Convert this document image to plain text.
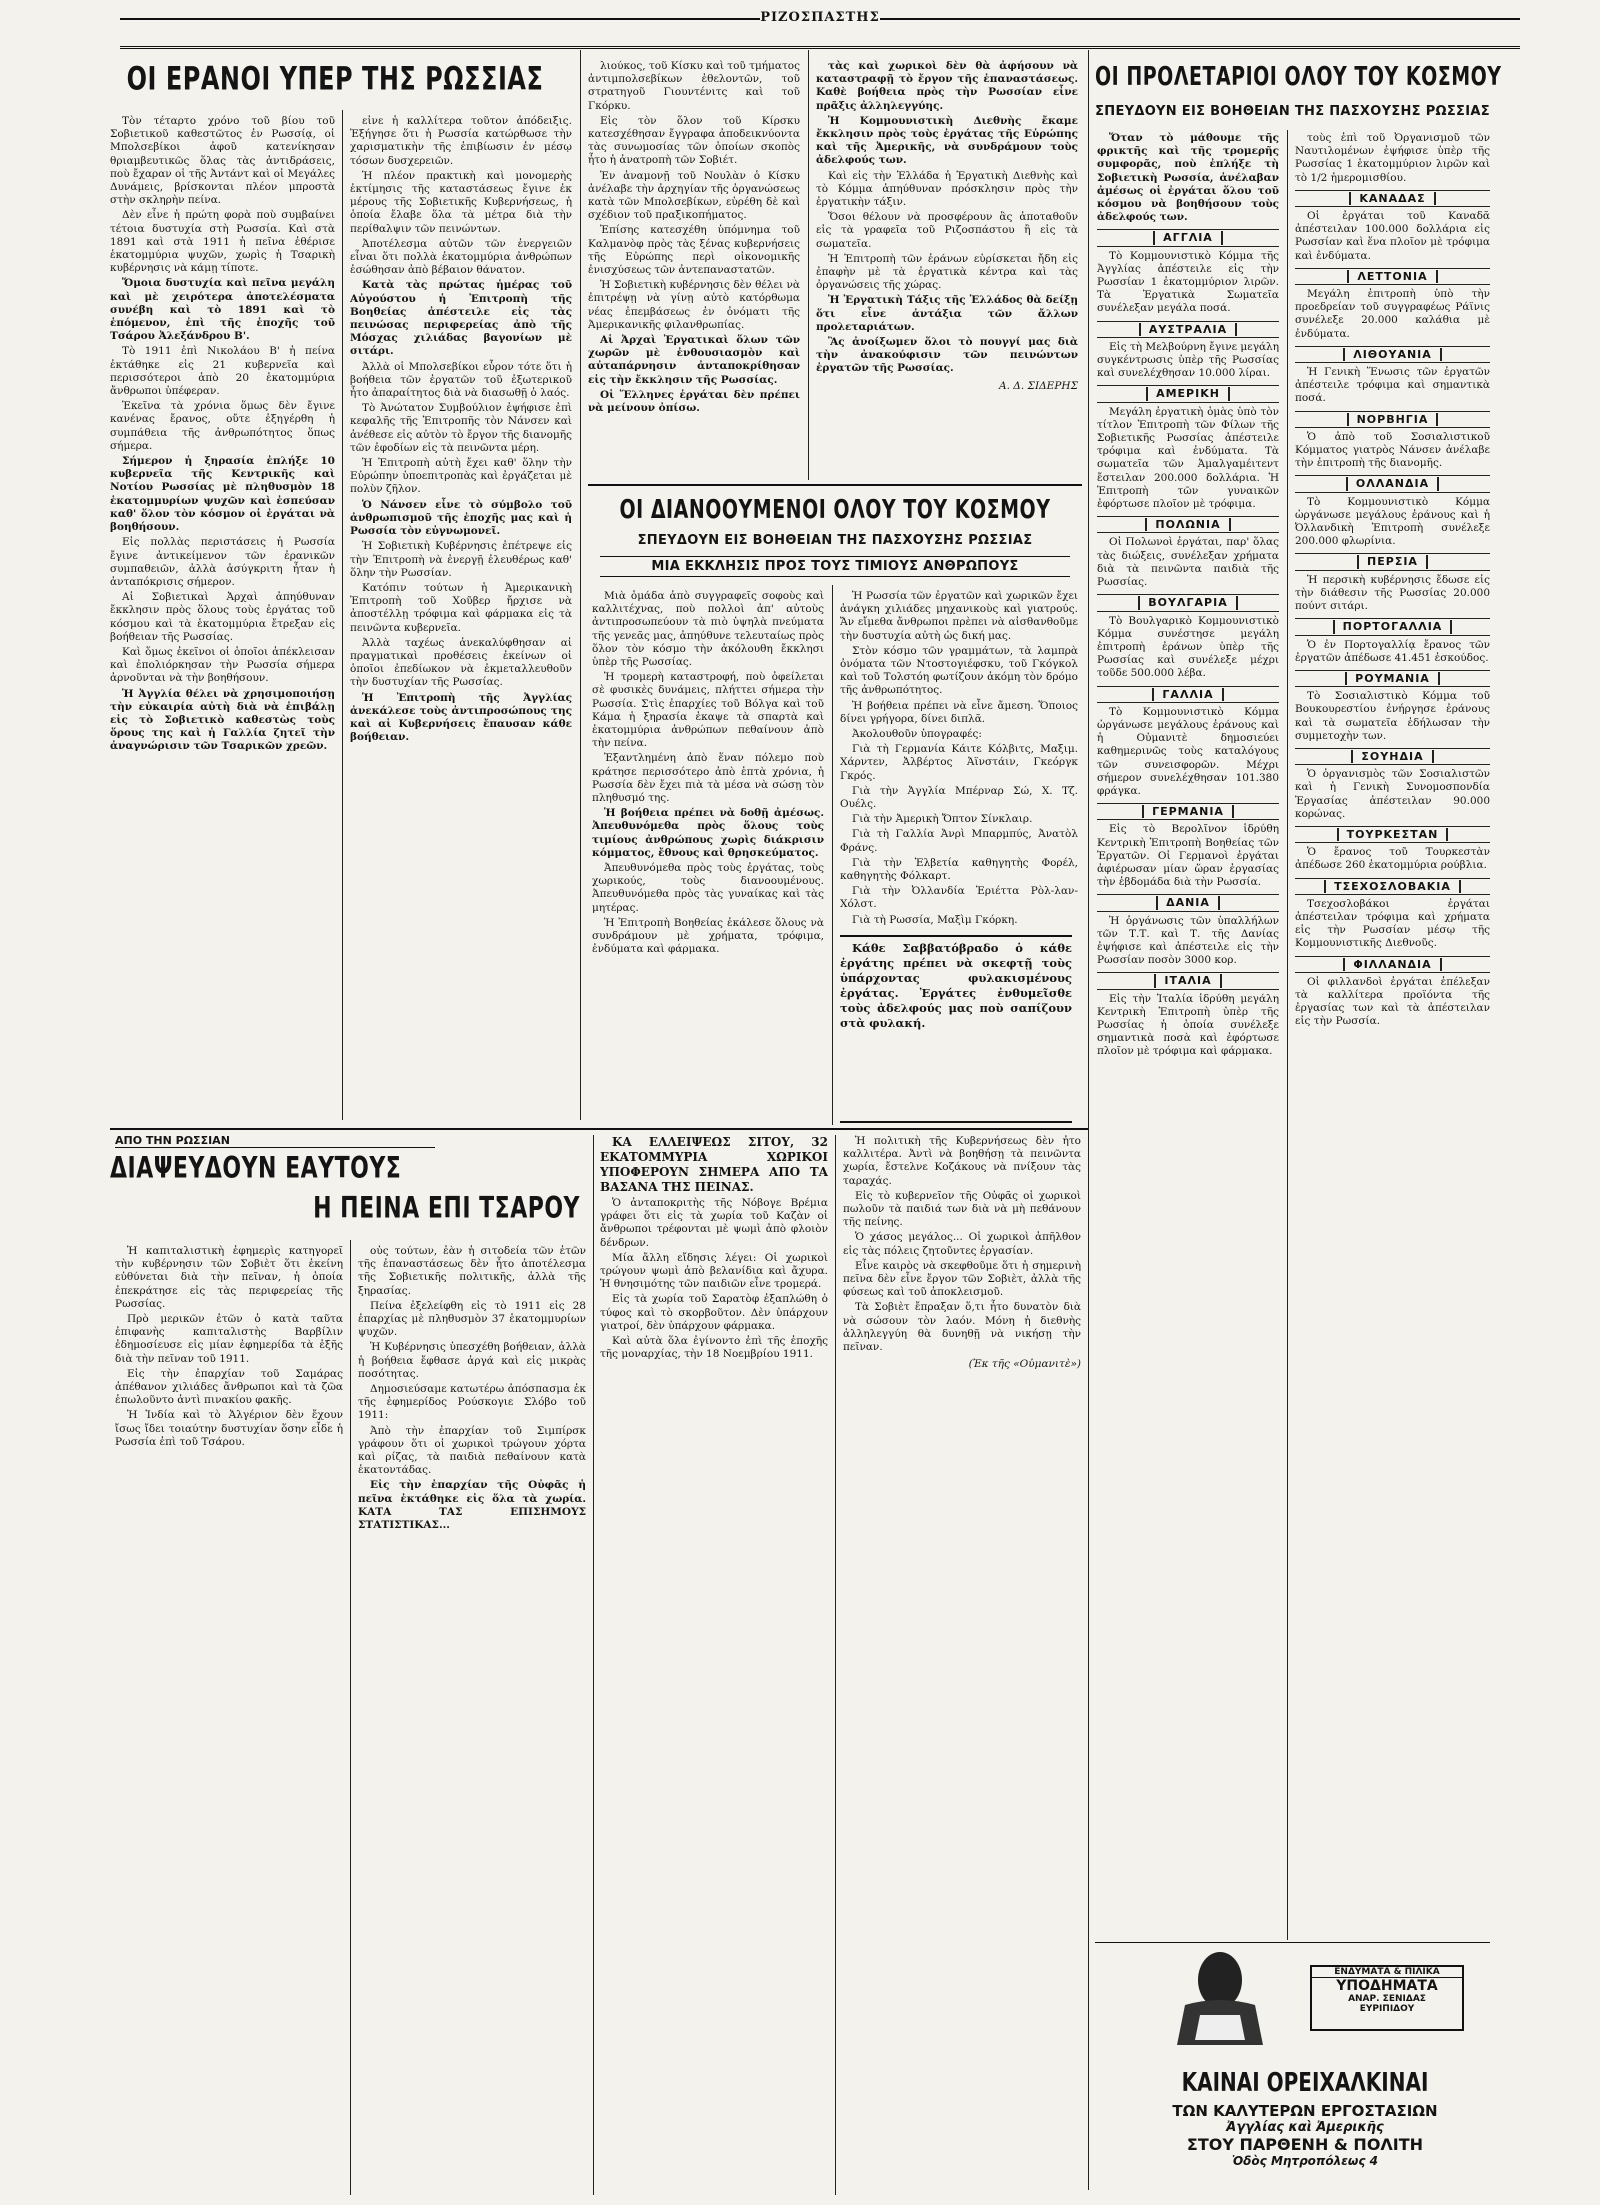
ΡΙΖΟΣΠΑΣΤΗΣ
ΟΙ ΕΡΑΝΟΙ ΥΠΕΡ ΤΗΣ ΡΩΣΣΙΑΣ

Τὸν τέταρτο χρόνο τοῦ βίου τοῦ Σοβιετικοῦ καθεστῶτος ἐν Ρωσσίᾳ, οἱ Μπολσεβίκοι ἀφοῦ κατενίκησαν θριαμβευτικῶς ὅλας τὰς ἀντιδράσεις, ποὺ ἔχαραν οἱ τῆς Ἀντάντ καὶ οἱ Μεγάλες Δυνάμεις, βρίσκονται πλέον μπροστὰ στὴν σκληρὴν πείνα.

Δὲν εἶνε ἡ πρώτη φορὰ ποὺ συμβαίνει τέτοια δυστυχία στὴ Ρωσσία. Καὶ στὰ 1891 καὶ στὰ 1911 ἡ πεῖνα ἐθέρισε ἑκατομμύρια ψυχῶν, χωρὶς ἡ Τσαρικὴ κυβέρνησις νὰ κάμῃ τίποτε.

Ὅμοια δυστυχία καὶ πεῖνα μεγάλη καὶ μὲ χειρότερα ἀποτελέσματα συνέβη καὶ τὸ 1891 καὶ τὸ ἑπόμενον, ἐπὶ τῆς ἐποχῆς τοῦ Τσάρου Ἀλεξάνδρου Β'.

Τὸ 1911 ἐπὶ Νικολάου Β' ἡ πείνα ἐκτάθηκε εἰς 21 κυβερνεῖα καὶ περισσότεροι ἀπὸ 20 ἑκατομμύρια ἄνθρωποι ὑπέφεραν.

Ἐκεῖνα τὰ χρόνια ὅμως δὲν ἔγινε κανένας ἔρανος, οὔτε ἐξηγέρθη ἡ συμπάθεια τῆς ἀνθρωπότητος ὅπως σήμερα.

Σήμερον ἡ ξηρασία ἐπλήξε 10 κυβερνεῖα τῆς Κεντρικῆς καὶ Νοτίου Ρωσσίας μὲ πληθυσμὸν 18 ἑκατομμυρίων ψυχῶν καὶ ἐσπεύσαν καθ' ὅλον τὸν κόσμον οἱ ἐργάται νὰ βοηθήσουν.

Εἰς πολλὰς περιστάσεις ἡ Ρωσσία ἔγινε ἀντικείμενον τῶν ἐρανικῶν συμπαθειῶν, ἀλλὰ ἀσύγκριτη ἦταν ἡ ἀνταπόκρισις σήμερον.

Αἱ Σοβιετικαὶ Ἀρχαὶ ἀπηύθυναν ἔκκλησιν πρὸς ὅλους τοὺς ἐργάτας τοῦ κόσμου καὶ τὰ ἑκατομμύρια ἔτρεξαν εἰς βοήθειαν τῆς Ρωσσίας.

Καὶ ὅμως ἐκεῖνοι οἱ ὁποῖοι ἀπέκλεισαν καὶ ἐπολιόρκησαν τὴν Ρωσσία σήμερα ἀρνοῦνται νὰ τὴν βοηθήσουν.

Ἡ Ἀγγλία θέλει νὰ χρησιμοποιήσῃ τὴν εὐκαιρία αὐτὴ διὰ νὰ ἐπιβάλῃ εἰς τὸ Σοβιετικὸ καθεστὼς τοὺς ὅρους της καὶ ἡ Γαλλία ζητεῖ τὴν ἀναγνώρισιν τῶν Τσαρικῶν χρεῶν.

εἶνε ἡ καλλίτερα τοῦτον ἀπόδειξις. Ἐξήγησε ὅτι ἡ Ρωσσία κατώρθωσε τὴν χαρισματικὴν τῆς ἐπιβίωσιν ἐν μέσῳ τόσων δυσχερειῶν.

Ἡ πλέον πρακτικὴ καὶ μονομερὴς ἐκτίμησις τῆς καταστάσεως ἔγινε ἐκ μέρους τῆς Σοβιετικῆς Κυβερνήσεως, ἡ ὁποία ἔλαβε ὅλα τὰ μέτρα διὰ τὴν περίθαλψιν τῶν πεινώντων.

Ἀποτέλεσμα αὐτῶν τῶν ἐνεργειῶν εἶναι ὅτι πολλὰ ἑκατομμύρια ἀνθρώπων ἐσώθησαν ἀπὸ βέβαιον θάνατον.

Κατὰ τὰς πρώτας ἡμέρας τοῦ Αὐγούστου ἡ Ἐπιτροπὴ τῆς Βοηθείας ἀπέστειλε εἰς τὰς πεινώσας περιφερείας ἀπὸ τῆς Μόσχας χιλιάδας βαγονίων μὲ σιτάρι.

Ἀλλὰ οἱ Μπολσεβίκοι εὗρον τότε ὅτι ἡ βοήθεια τῶν ἐργατῶν τοῦ ἐξωτερικοῦ ἦτο ἀπαραίτητος διὰ νὰ διασωθῇ ὁ λαός.

Τὸ Ἀνώτατον Συμβούλιον ἐψήφισε ἐπὶ κεφαλῆς τῆς Ἐπιτροπῆς τὸν Νάνσεν καὶ ἀνέθεσε εἰς αὐτὸν τὸ ἔργον τῆς διανομῆς τῶν ἐφοδίων εἰς τὰ πεινῶντα μέρη.

Ἡ Ἐπιτροπὴ αὐτὴ ἔχει καθ' ὅλην τὴν Εὐρώπην ὑποεπιτροπὰς καὶ ἐργάζεται μὲ πολὺν ζῆλον.

Ὁ Νάνσεν εἶνε τὸ σύμβολο τοῦ ἀνθρωπισμοῦ τῆς ἐποχῆς μας καὶ ἡ Ρωσσία τὸν εὐγνωμονεῖ.

Ἡ Σοβιετικὴ Κυβέρνησις ἐπέτρεψε εἰς τὴν Ἐπιτροπὴ νὰ ἐνεργῇ ἐλευθέρως καθ' ὅλην τὴν Ρωσσίαν.

Κατόπιν τούτων ἡ Ἀμερικανικὴ Ἐπιτροπὴ τοῦ Χοῦβερ ἤρχισε νὰ ἀποστέλλῃ τρόφιμα καὶ φάρμακα εἰς τὰ πεινῶντα κυβερνεῖα.

Ἀλλὰ ταχέως ἀνεκαλύφθησαν αἱ πραγματικαὶ προθέσεις ἐκείνων οἱ ὁποῖοι ἐπεδίωκον νὰ ἐκμεταλλευθοῦν τὴν δυστυχίαν τῆς Ρωσσίας.

Ἡ Ἐπιτροπὴ τῆς Ἀγγλίας ἀνεκάλεσε τοὺς ἀντιπροσώπους της καὶ αἱ Κυβερνήσεις ἔπαυσαν κάθε βοήθειαν.

λιούκος, τοῦ Κίσκυ καὶ τοῦ τμήματος ἀντιμπολσεβίκων ἐθελοντῶν, τοῦ στρατηγοῦ Γιουντένιτς καὶ τοῦ Γκόρκυ.

Εἰς τὸν ὅλον τοῦ Κίρσκυ κατεσχέθησαν ἔγγραφα ἀποδεικνύοντα τὰς συνωμοσίας τῶν ὁποίων σκοπὸς ἦτο ἡ ἀνατροπὴ τῶν Σοβιέτ.

Ἐν ἀναμονῇ τοῦ Νουλὰν ὁ Κίσκυ ἀνέλαβε τὴν ἀρχηγίαν τῆς ὀργανώσεως κατὰ τῶν Μπολσεβίκων, εὑρέθη δὲ καὶ σχέδιον τοῦ πραξικοπήματος.

Ἐπίσης κατεσχέθη ὑπόμνημα τοῦ Καλμανὸφ πρὸς τὰς ξένας κυβερνήσεις τῆς Εὐρώπης περὶ οἰκονομικῆς ἐνισχύσεως τῶν ἀντεπαναστατῶν.

Ἡ Σοβιετικὴ κυβέρνησις δὲν θέλει νὰ ἐπιτρέψῃ νὰ γίνῃ αὐτὸ κατόρθωμα νέας ἐπεμβάσεως ἐν ὀνόματι τῆς Ἀμερικανικῆς φιλανθρωπίας.

Αἱ Ἀρχαὶ Ἐργατικαὶ ὅλων τῶν χωρῶν μὲ ἐνθουσιασμὸν καὶ αὐταπάρνησιν ἀνταποκρίθησαν εἰς τὴν ἔκκλησιν τῆς Ρωσσίας.

Οἱ Ἕλληνες ἐργάται δὲν πρέπει νὰ μείνουν ὀπίσω.

τὰς καὶ χωρικοὶ δὲν θὰ ἀφήσουν νὰ καταστραφῇ τὸ ἔργον τῆς ἐπαναστάσεως. Καθὲ βοήθεια πρὸς τὴν Ρωσσίαν εἶνε πρᾶξις ἀλληλεγγύης.

Ἡ Κομμουνιστικὴ Διεθνὴς ἔκαμε ἔκκλησιν πρὸς τοὺς ἐργάτας τῆς Εὐρώπης καὶ τῆς Ἀμερικῆς, νὰ συνδράμουν τοὺς ἀδελφούς των.

Καὶ εἰς τὴν Ἑλλάδα ἡ Ἐργατικὴ Διεθνὴς καὶ τὸ Κόμμα ἀπηύθυναν πρόσκλησιν πρὸς τὴν ἐργατικὴν τάξιν.

Ὅσοι θέλουν νὰ προσφέρουν ἂς ἀποταθοῦν εἰς τὰ γραφεῖα τοῦ Ριζοσπάστου ἢ εἰς τὰ σωματεῖα.

Ἡ Ἐπιτροπὴ τῶν ἐράνων εὑρίσκεται ἤδη εἰς ἐπαφὴν μὲ τὰ ἐργατικὰ κέντρα καὶ τὰς ὀργανώσεις τῆς χώρας.

Ἡ Ἐργατικὴ Τάξις τῆς Ἑλλάδος θὰ δείξῃ ὅτι εἶνε ἀντάξια τῶν ἄλλων προλεταριάτων.

Ἂς ἀνοίξωμεν ὅλοι τὸ πουγγί μας διὰ τὴν ἀνακούφισιν τῶν πεινώντων ἐργατῶν τῆς Ρωσσίας.

Α. Δ. ΣΙΔΕΡΗΣ
ΟΙ ΔΙΑΝΟΟΥΜΕΝΟΙ ΟΛΟΥ ΤΟΥ ΚΟΣΜΟΥ
ΣΠΕΥΔΟΥΝ ΕΙΣ ΒΟΗΘΕΙΑΝ ΤΗΣ ΠΑΣΧΟΥΣΗΣ ΡΩΣΣΙΑΣ
ΜΙΑ ΕΚΚΛΗΣΙΣ ΠΡΟΣ ΤΟΥΣ ΤΙΜΙΟΥΣ ΑΝΘΡΩΠΟΥΣ

Μιὰ ὁμάδα ἀπὸ συγγραφεῖς σοφοὺς καὶ καλλιτέχνας, ποὺ πολλοὶ ἀπ' αὐτοὺς ἀντιπροσωπεύουν τὰ πιὸ ὑψηλὰ πνεύματα τῆς γενεᾶς μας, ἀπηύθυνε τελευταίως πρὸς ὅλον τὸν κόσμο τὴν ἀκόλουθη ἔκκλησι ὑπὲρ τῆς Ρωσσίας.

Ἡ τρομερὴ καταστροφή, ποὺ ὀφείλεται σὲ φυσικὲς δυνάμεις, πλήττει σήμερα τὴν Ρωσσία. Στὶς ἐπαρχίες τοῦ Βόλγα καὶ τοῦ Κάμα ἡ ξηρασία ἐκαψε τὰ σπαρτὰ καὶ ἑκατομμύρια ἀνθρώπων πεθαίνουν ἀπὸ τὴν πείνα.

Ἐξαντλημένη ἀπὸ ἕναν πόλεμο ποὺ κράτησε περισσότερο ἀπὸ ἑπτὰ χρόνια, ἡ Ρωσσία δὲν ἔχει πιὰ τὰ μέσα νὰ σώσῃ τὸν πληθυσμό της.

Ἡ βοήθεια πρέπει νὰ δοθῇ ἀμέσως. Ἀπευθυνόμεθα πρὸς ὅλους τοὺς τιμίους ἀνθρώπους χωρὶς διάκρισιν κόμματος, ἔθνους καὶ θρησκεύματος.

Ἀπευθυνόμεθα πρὸς τοὺς ἐργάτας, τοὺς χωρικούς, τοὺς διανοουμένους. Ἀπευθυνόμεθα πρὸς τὰς γυναίκας καὶ τὰς μητέρας.

Ἡ Ἐπιτροπὴ Βοηθείας ἐκάλεσε ὅλους νὰ συνδράμουν μὲ χρήματα, τρόφιμα, ἐνδύματα καὶ φάρμακα.

Ἡ Ρωσσία τῶν ἐργατῶν καὶ χωρικῶν ἔχει ἀνάγκη χιλιάδες μηχανικοὺς καὶ γιατρούς. Ἄν εἴμεθα ἄνθρωποι πρὲπει νὰ αἰσθανθοῦμε τὴν δυστυχία αὐτὴ ὡς δική μας.

Στὸν κόσμο τῶν γραμμάτων, τὰ λαμπρὰ ὀνόματα τῶν Ντοστογιέφσκυ, τοῦ Γκόγκολ καὶ τοῦ Τολστόη φωτίζουν ἀκόμη τὸν δρόμο τῆς ἀνθρωπότητος.

Ἡ βοήθεια πρέπει νὰ εἶνε ἄμεση. Ὅποιος δίνει γρήγορα, δίνει διπλᾶ.

Ἀκολουθοῦν ὑπογραφές:

Γιὰ τὴ Γερμανία Κάιτε Κόλβιτς, Μαξιμ. Χάρντεν, Ἀλβέρτος Ἀϊνστάιν, Γκεόργκ Γκρός.

Γιὰ τὴν Ἀγγλία Μπέρναρ Σώ, Χ. Τζ. Ουέλς.

Γιὰ τὴν Ἀμερικὴ Ὄπτον Σίνκλαιρ.

Γιὰ τὴ Γαλλία Ἀνρὶ Μπαρμπύς, Ἀνατὸλ Φράνς.

Γιὰ τὴν Ἑλβετία καθηγητὴς Φορέλ, καθηγητὴς Φόλκαρτ.

Γιὰ τὴν Ὀλλανδία Ἑριέττα Ρὸλ-λαν-Χόλστ.

Γιὰ τὴ Ρωσσία, Μαξὶμ Γκόρκη.

Κάθε Σαββατόβραδο ὁ κάθε ἐργάτης πρέπει νὰ σκεφτῇ τοὺς ὑπάρχοντας φυλακισμένους ἐργάτας. Ἐργάτες ἐνθυμεῖσθε τοὺς ἀδελφούς μας ποὺ σαπίζουν στὰ φυλακή.

ΟΙ ΠΡΟΛΕΤΑΡΙΟΙ ΟΛΟΥ ΤΟΥ ΚΟΣΜΟΥ
ΣΠΕΥΔΟΥΝ ΕΙΣ ΒΟΗΘΕΙΑΝ ΤΗΣ ΠΑΣΧΟΥΣΗΣ ΡΩΣΣΙΑΣ

Ὅταν τὸ μάθουμε τῆς φρικτῆς καὶ τῆς τρομερῆς συμφορᾶς, ποὺ ἐπλήξε τὴ Σοβιετικὴ Ρωσσία, ἀνέλαβαν ἀμέσως οἱ ἐργάται ὅλου τοῦ κόσμου νὰ βοηθήσουν τοὺς ἀδελφούς των.

ΑΓΓΛΙΑ

Τὸ Κομμουνιστικὸ Κόμμα τῆς Ἀγγλίας ἀπέστειλε εἰς τὴν Ρωσσίαν 1 ἐκατομμύριον λιρῶν. Τὰ Ἐργατικὰ Σωματεῖα συνέλεξαν μεγάλα ποσά.

ΑΥΣΤΡΑΛΙΑ

Εἰς τὴ Μελβούρνη ἔγινε μεγάλη συγκέντρωσις ὑπὲρ τῆς Ρωσσίας καὶ συνελέχθησαν 10.000 λίραι.

ΑΜΕΡΙΚΗ

Μεγάλη ἐργατικὴ ὁμὰς ὑπὸ τὸν τίτλον Ἐπιτροπὴ τῶν Φίλων τῆς Σοβιετικῆς Ρωσσίας ἀπέστειλε τρόφιμα καὶ ἐνδύματα. Τὰ σωματεῖα τῶν Ἀμαλγαμέιτεντ ἔστειλαν 200.000 δολλάρια. Ἡ Ἐπιτροπὴ τῶν γυναικῶν ἐφόρτωσε πλοῖον μὲ τρόφιμα.

ΠΟΛΩΝΙΑ

Οἱ Πολωνοὶ ἐργάται, παρ' ὅλας τὰς διώξεις, συνέλεξαν χρήματα διὰ τὰ πεινῶντα παιδιὰ τῆς Ρωσσίας.

ΒΟΥΛΓΑΡΙΑ

Τὸ Βουλγαρικὸ Κομμουνιστικὸ Κόμμα συνέστησε μεγάλη ἐπιτροπὴ ἐράνων ὑπὲρ τῆς Ρωσσίας καὶ συνέλεξε μέχρι τοῦδε 500.000 λέβα.

ΓΑΛΛΙΑ

Τὸ Κομμουνιστικὸ Κόμμα ὠργάνωσε μεγάλους ἐράνους καὶ ἡ Οὐμανιτὲ δημοσιεύει καθημερινῶς τοὺς καταλόγους τῶν συνεισφορῶν. Μέχρι σήμερον συνελέχθησαν 101.380 φράγκα.

ΓΕΡΜΑΝΙΑ

Εἰς τὸ Βερολῖνον ἱδρύθη Κεντρικὴ Ἐπιτροπὴ Βοηθείας τῶν Ἐργατῶν. Οἱ Γερμανοὶ ἐργάται ἀφιέρωσαν μίαν ὥραν ἐργασίας τὴν ἑβδομάδα διὰ τὴν Ρωσσία.

ΔΑΝΙΑ

Ἡ ὀργάνωσις τῶν ὑπαλλήλων τῶν Τ.Τ. καὶ Τ. τῆς Δανίας ἐψήφισε καὶ ἀπέστειλε εἰς τὴν Ρωσσίαν ποσὸν 3000 κορ.

ΙΤΑΛΙΑ

Εἰς τὴν Ἰταλία ἱδρύθη μεγάλη Κεντρικὴ Ἐπιτροπὴ ὑπὲρ τῆς Ρωσσίας ἡ ὁποία συνέλεξε σημαντικὰ ποσὰ καὶ ἐφόρτωσε πλοῖον μὲ τρόφιμα καὶ φάρμακα.

τοὺς ἐπὶ τοῦ Ὀργανισμοῦ τῶν Ναυτιλομένων ἐψήφισε ὑπὲρ τῆς Ρωσσίας 1 ἑκατομμύριον λιρῶν καὶ τὸ 1/2 ἡμερομισθίου.

ΚΑΝΑΔΑΣ

Οἱ ἐργάται τοῦ Καναδᾶ ἀπέστειλαν 100.000 δολλάρια εἰς Ρωσσίαν καὶ ἕνα πλοῖον μὲ τρόφιμα καὶ ἐνδύματα.

ΛΕΤΤΟΝΙΑ

Μεγάλη ἐπιτροπὴ ὑπὸ τὴν προεδρείαν τοῦ συγγραφέως Ράϊνις συνέλεξε 20.000 καλάθια μὲ ἐνδύματα.

ΛΙΘΟΥΑΝΙΑ

Ἡ Γενικὴ Ἕνωσις τῶν ἐργατῶν ἀπέστειλε τρόφιμα καὶ σημαντικὰ ποσά.

ΝΟΡΒΗΓΙΑ

Ὁ ἀπὸ τοῦ Σοσιαλιστικοῦ Κόμματος γιατρὸς Νάνσεν ἀνέλαβε τὴν ἐπιτροπὴ τῆς διανομῆς.

ΟΛΛΑΝΔΙΑ

Τὸ Κομμουνιστικὸ Κόμμα ὠργάνωσε μεγάλους ἐράνους καὶ ἡ Ὀλλανδικὴ Ἐπιτροπὴ συνέλεξε 200.000 φλωρίνια.

ΠΕΡΣΙΑ

Ἡ περσικὴ κυβέρνησις ἔδωσε εἰς τὴν διάθεσιν τῆς Ρωσσίας 20.000 πούντ σιτάρι.

ΠΟΡΤΟΓΑΛΛΙΑ

Ὁ ἐν Πορτογαλλίᾳ ἔρανος τῶν ἐργατῶν ἀπέδωσε 41.451 ἐσκούδος.

ΡΟΥΜΑΝΙΑ

Τὸ Σοσιαλιστικὸ Κόμμα τοῦ Βουκουρεστίου ἐνήργησε ἐράνους καὶ τὰ σωματεῖα ἐδήλωσαν τὴν συμμετοχὴν των.

ΣΟΥΗΔΙΑ

Ὁ ὀργανισμὸς τῶν Σοσιαλιστῶν καὶ ἡ Γενικὴ Συνομοσπονδία Ἐργασίας ἀπέστειλαν 90.000 κορώνας.

ΤΟΥΡΚΕΣΤΑΝ

Ὁ ἔρανος τοῦ Τουρκεστὰν ἀπέδωσε 260 ἑκατομμύρια ρούβλια.

ΤΣΕΧΟΣΛΟΒΑΚΙΑ

Τσεχοσλοβάκοι ἐργάται ἀπέστειλαν τρόφιμα καὶ χρήματα εἰς τὴν Ρωσσίαν μέσῳ τῆς Κομμουνιστικῆς Διεθνοῦς.

ΦΙΛΛΑΝΔΙΑ

Οἱ φιλλανδοὶ ἐργάται ἐπέλεξαν τὰ καλλίτερα προϊόντα τῆς ἐργασίας των καὶ τὰ ἀπέστειλαν εἰς τὴν Ρωσσία.

ΑΠΟ ΤΗΝ ΡΩΣΣΙΑΝ
ΔΙΑΨΕΥΔΟΥΝ ΕΑΥΤΟΥΣ
Η ΠΕΙΝΑ ΕΠΙ ΤΣΑΡΟΥ

Ἡ καπιταλιστικὴ ἐφημερὶς κατηγορεῖ τὴν κυβέρνησιν τῶν Σοβιὲτ ὅτι ἐκείνη εὐθύνεται διὰ τὴν πεῖναν, ἡ ὁποία ἐπεκράτησε εἰς τὰς περιφερείας τῆς Ρωσσίας.

Πρὸ μερικῶν ἐτῶν ὁ κατὰ ταῦτα ἐπιφανὴς καπιταλιστὴς Βαρβίλιν ἐδημοσίευσε εἰς μίαν ἐφημερίδα τὰ ἑξῆς διὰ τὴν πεῖναν τοῦ 1911.

Εἰς τὴν ἐπαρχίαν τοῦ Σαμάρας ἀπέθανον χιλιάδες ἄνθρωποι καὶ τὰ ζῶα ἐπωλοῦντο ἀντὶ πινακίου φακῆς.

Ἡ Ἰνδία καὶ τὸ Ἀλγέριον δὲν ἔχουν ἴσως ἴδει τοιαύτην δυστυχίαν ὅσην εἶδε ἡ Ρωσσία ἐπὶ τοῦ Τσάρου.

οὐς τούτων, ἐὰν ἡ σιτοδεία τῶν ἐτῶν τῆς ἐπαναστάσεως δὲν ἦτο ἀποτέλεσμα τῆς Σοβιετικῆς πολιτικῆς, ἀλλὰ τῆς ξηρασίας.

Πείνα ἐξελείφθη εἰς τὸ 1911 εἰς 28 ἐπαρχίας μὲ πληθυσμὸν 37 ἑκατομμυρίων ψυχῶν.

Ἡ Κυβέρνησις ὑπεσχέθη βοήθειαν, ἀλλὰ ἡ βοήθεια ἔφθασε ἀργά καὶ εἰς μικρὰς ποσότητας.

Δημοσιεύσαμε κατωτέρω ἀπόσπασμα ἐκ τῆς ἐφημερίδος Ρούσκογιε Σλόβο τοῦ 1911:

Ἀπὸ τὴν ἐπαρχίαν τοῦ Σιμπίρσκ γράφουν ὅτι οἱ χωρικοὶ τρώγουν χόρτα καὶ ρίζας, τὰ παιδιὰ πεθαίνουν κατὰ ἑκατοντάδας.

Εἰς τὴν ἐπαρχίαν τῆς Οὐφᾶς ἡ πεῖνα ἐκτάθηκε εἰς ὅλα τὰ χωρία. ΚΑΤΑ ΤΑΣ ΕΠΙΣΗΜΟΥΣ ΣΤΑΤΙΣΤΙΚΑΣ...

ΚΑ ΕΛΛΕΙΨΕΩΣ ΣΙΤΟΥ, 32 ΕΚΑΤΟΜΜΥΡΙΑ ΧΩΡΙΚΟΙ ΥΠΟΦΕΡΟΥΝ ΣΗΜΕΡΑ ΑΠΟ ΤΑ ΒΑΣΑΝΑ ΤΗΣ ΠΕΙΝΑΣ.

Ὁ ἀνταποκριτὴς τῆς Νόβογε Βρέμια γράφει ὅτι εἰς τὰ χωρία τοῦ Καζὰν οἱ ἄνθρωποι τρέφονται μὲ ψωμὶ ἀπὸ φλοιὸν δένδρων.

Μία ἄλλη εἴδησις λέγει: Οἱ χωρικοὶ τρώγουν ψωμὶ ἀπὸ βελανίδια καὶ ἄχυρα. Ἡ θνησιμότης τῶν παιδιῶν εἶνε τρομερά.

Εἰς τὰ χωρία τοῦ Σαρατὸφ ἐξαπλώθη ὁ τύφος καὶ τὸ σκορβοῦτον. Δὲν ὑπάρχουν γιατροί, δὲν ὑπάρχουν φάρμακα.

Καὶ αὐτὰ ὅλα ἐγίνοντο ἐπὶ τῆς ἐποχῆς τῆς μοναρχίας, τὴν 18 Νοεμβρίου 1911.

Ἡ πολιτικὴ τῆς Κυβερνήσεως δὲν ἦτο καλλιτέρα. Ἀντὶ νὰ βοηθήσῃ τὰ πεινῶντα χωρία, ἔστελνε Κοζάκους νὰ πνίξουν τὰς ταραχάς.

Εἰς τὸ κυβερνεῖον τῆς Οὐφᾶς οἱ χωρικοὶ πωλοῦν τὰ παιδιά των διὰ νὰ μὴ πεθάνουν τῆς πείνης.

Ὁ χάσος μεγάλος... Οἱ χωρικοὶ ἀπῆλθον εἰς τὰς πόλεις ζητοῦντες ἐργασίαν.

Εἶνε καιρὸς νὰ σκεφθοῦμε ὅτι ἡ σημερινὴ πεῖνα δὲν εἶνε ἔργον τῶν Σοβιὲτ, ἀλλὰ τῆς φύσεως καὶ τοῦ ἀποκλεισμοῦ.

Τὰ Σοβιὲτ ἔπραξαν ὅ,τι ἦτο δυνατὸν διὰ νὰ σώσουν τὸν λαόν. Μόνη ἡ διεθνὴς ἀλληλεγγύη θὰ δυνηθῇ νὰ νικήσῃ τὴν πεῖναν.

(Ἐκ τῆς «Οὐμανιτὲ»)
ΕΝΔΥΜΑΤΑ & ΠΙΛΙΚΑ
ΥΠΟΔΗΜΑΤΑ
ΑΝΑΡ. ΣΕΝΙΔΑΣ
ΕΥΡΙΠΙΔΟΥ
ΚΑΙΝΑΙ ΟΡΕΙΧΑΛΚΙΝΑΙ
ΤΩΝ ΚΑΛΥΤΕΡΩΝ ΕΡΓΟΣΤΑΣΙΩΝ
Ἀγγλίας καὶ Ἀμερικῆς
ΣΤΟΥ ΠΑΡΘΕΝΗ & ΠΟΛΙΤΗ
Ὁδὸς Μητροπόλεως 4
